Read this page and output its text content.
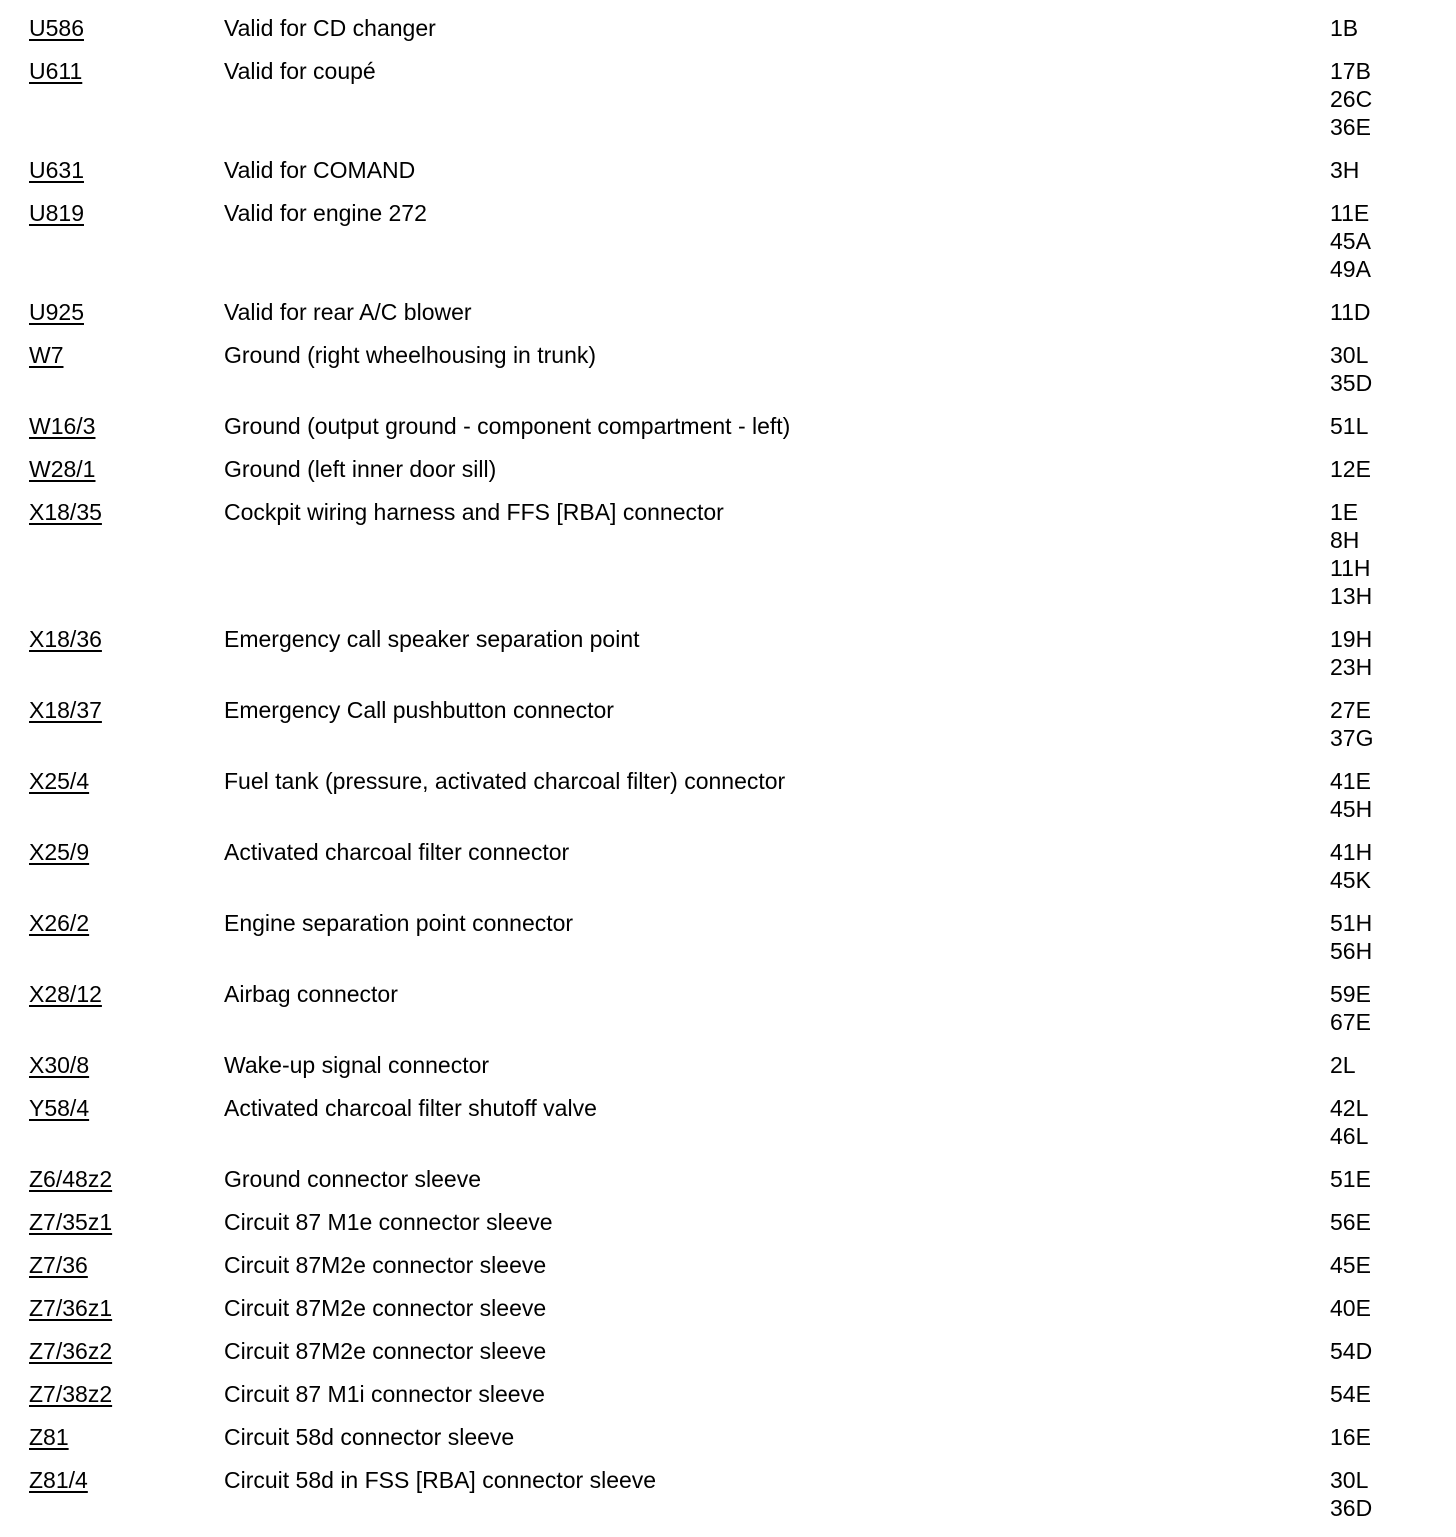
U586	Valid for CD changer	1B
U611	Valid for coupé	17B
26C
36E
U631	Valid for COMAND	3H
U819	Valid for engine 272	11E
45A
49A
U925	Valid for rear A/C blower	11D
W7	Ground (right wheelhousing in trunk)	30L
35D
W16/3	Ground (output ground - component compartment - left)	51L
W28/1	Ground (left inner door sill)	12E
X18/35	Cockpit wiring harness and FFS [RBA] connector	1E
8H
11H
13H
X18/36	Emergency call speaker separation point	19H
23H
X18/37	Emergency Call pushbutton connector	27E
37G
X25/4	Fuel tank (pressure, activated charcoal filter) connector	41E
45H
X25/9	Activated charcoal filter connector	41H
45K
X26/2	Engine separation point connector	51H
56H
X28/12	Airbag connector	59E
67E
X30/8	Wake-up signal connector	2L
Y58/4	Activated charcoal filter shutoff valve	42L
46L
Z6/48z2	Ground connector sleeve	51E
Z7/35z1	Circuit 87 M1e connector sleeve	56E
Z7/36	Circuit 87M2e connector sleeve	45E
Z7/36z1	Circuit 87M2e connector sleeve	40E
Z7/36z2	Circuit 87M2e connector sleeve	54D
Z7/38z2	Circuit 87 M1i connector sleeve	54E
Z81	Circuit 58d connector sleeve	16E
Z81/4	Circuit 58d in FSS [RBA] connector sleeve	30L
36D
